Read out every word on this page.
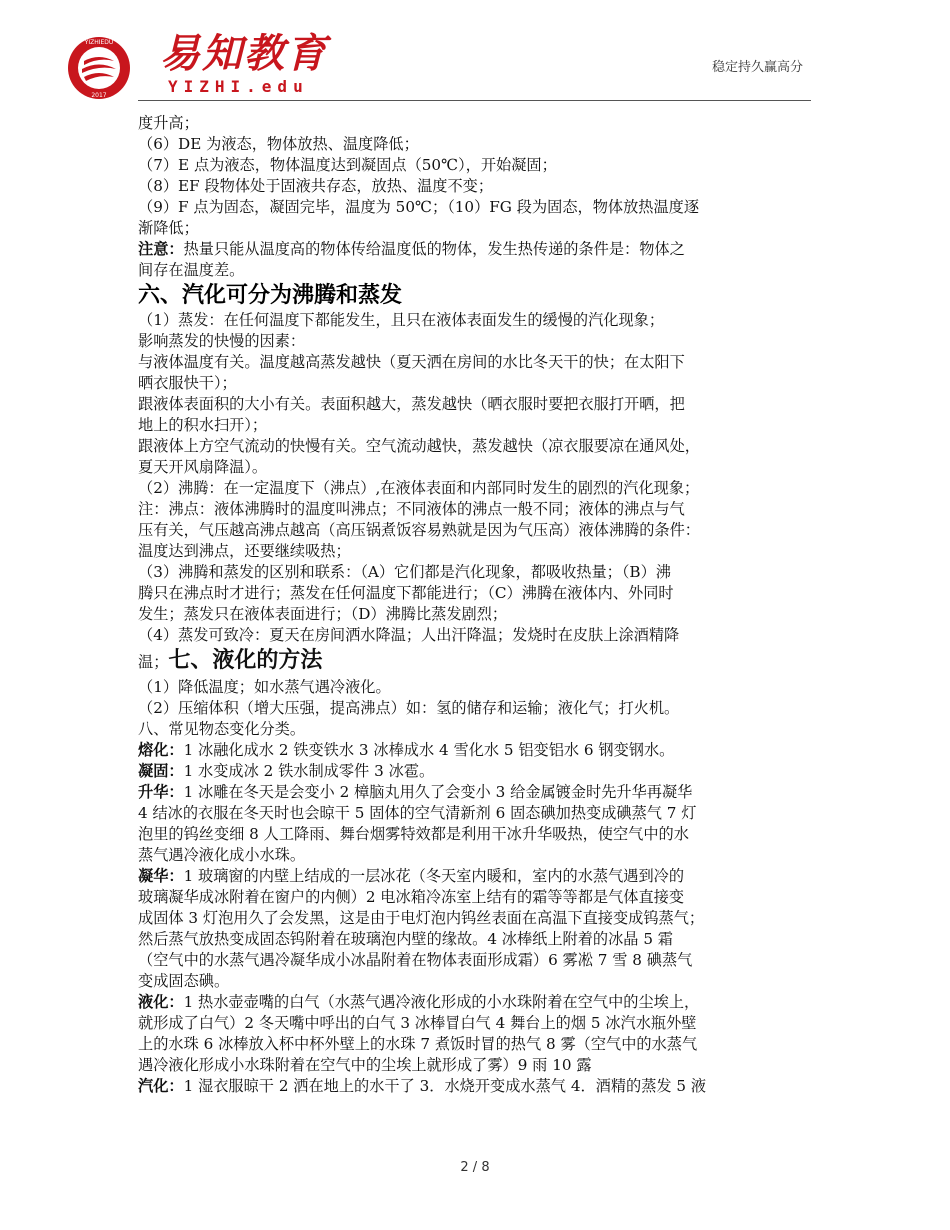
YIZHIEDU
2017
易知教育
YIZHI.edu
稳定持久赢高分

度升高；

（6）DE 为液态，物体放热、温度降低；

（7）E 点为液态，物体温度达到凝固点（50℃），开始凝固；

（8）EF 段物体处于固液共存态，放热、温度不变；

（9）F 点为固态，凝固完毕，温度为 50℃；（10）FG 段为固态，物体放热温度逐

渐降低；

注意：热量只能从温度高的物体传给温度低的物体，发生热传递的条件是：物体之

间存在温度差。

六、汽化可分为沸腾和蒸发

（1）蒸发：在任何温度下都能发生，且只在液体表面发生的缓慢的汽化现象；

影响蒸发的快慢的因素：

与液体温度有关。温度越高蒸发越快（夏天洒在房间的水比冬天干的快；在太阳下

晒衣服快干）；

跟液体表面积的大小有关。表面积越大，蒸发越快（晒衣服时要把衣服打开晒，把

地上的积水扫开）；

跟液体上方空气流动的快慢有关。空气流动越快，蒸发越快（凉衣服要凉在通风处，

夏天开风扇降温）。

（2）沸腾：在一定温度下（沸点）,在液体表面和内部同时发生的剧烈的汽化现象；

注：沸点：液体沸腾时的温度叫沸点；不同液体的沸点一般不同；液体的沸点与气

压有关，气压越高沸点越高（高压锅煮饭容易熟就是因为气压高）液体沸腾的条件：

温度达到沸点，还要继续吸热；

（3）沸腾和蒸发的区别和联系：（A）它们都是汽化现象，都吸收热量；（B）沸

腾只在沸点时才进行；蒸发在任何温度下都能进行；（C）沸腾在液体内、外同时

发生；蒸发只在液体表面进行；（D）沸腾比蒸发剧烈；

（4）蒸发可致冷：夏天在房间洒水降温；人出汗降温；发烧时在皮肤上涂酒精降

温；七、液化的方法

（1）降低温度；如水蒸气遇冷液化。

（2）压缩体积（增大压强，提高沸点）如：氢的储存和运输；液化气；打火机。

八、常见物态变化分类。

熔化：1 冰融化成水 2 铁变铁水 3 冰棒成水 4 雪化水 5 铝变铝水 6 钢变钢水。

凝固：1 水变成冰 2 铁水制成零件 3 冰雹。

升华：1 冰雕在冬天是会变小 2 樟脑丸用久了会变小 3 给金属镀金时先升华再凝华

4 结冰的衣服在冬天时也会晾干 5 固体的空气清新剂 6 固态碘加热变成碘蒸气 7 灯

泡里的钨丝变细 8 人工降雨、舞台烟雾特效都是利用干冰升华吸热，使空气中的水

蒸气遇冷液化成小水珠。

凝华：1 玻璃窗的内壁上结成的一层冰花（冬天室内暖和，室内的水蒸气遇到冷的

玻璃凝华成冰附着在窗户的内侧）2 电冰箱冷冻室上结有的霜等等都是气体直接变

成固体 3 灯泡用久了会发黑，这是由于电灯泡内钨丝表面在高温下直接变成钨蒸气；

然后蒸气放热变成固态钨附着在玻璃泡内壁的缘故。4 冰棒纸上附着的冰晶 5 霜

（空气中的水蒸气遇冷凝华成小冰晶附着在物体表面形成霜）6 雾凇 7 雪 8 碘蒸气

变成固态碘。

液化：1 热水壶壶嘴的白气（水蒸气遇冷液化形成的小水珠附着在空气中的尘埃上，

就形成了白气）2 冬天嘴中呼出的白气 3 冰棒冒白气 4 舞台上的烟 5 冰汽水瓶外壁

上的水珠 6 冰棒放入杯中杯外壁上的水珠 7 煮饭时冒的热气 8 雾（空气中的水蒸气

遇冷液化形成小水珠附着在空气中的尘埃上就形成了雾）9 雨 10 露

汽化：1 湿衣服晾干 2 洒在地上的水干了 3．水烧开变成水蒸气 4．酒精的蒸发 5 液

2 / 8
